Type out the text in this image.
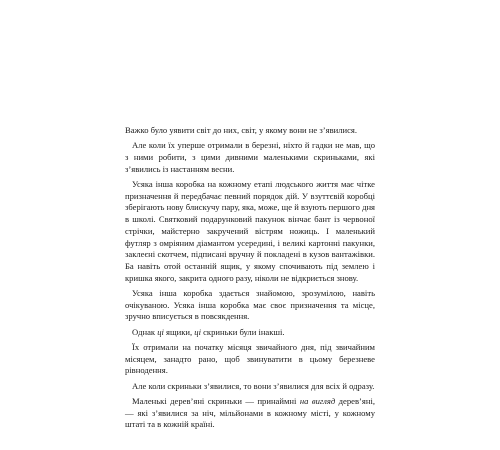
Важко було уявити світ до них, світ, у якому вони не з’явилися.

Але коли їх уперше отримали в березні, ніхто й гадки не мав, що з ними робити, з цими дивними маленькими скриньками, які з’явились із настанням весни.

Усяка інша коробка на кожному етапі людського життя має чітке призначення й передбачає певний порядок дій. У взуттєвій коробці зберігають нову блискучу пару, яка, може, ще й взують першого дня в школі. Святковий подарунковий пакунок вінчає бант із червоної стрічки, майстерно закручений вістрям ножиць. І маленький футляр з омріяним діамантом усередині, і великі картонні пакунки, заклеєні скотчем, підписані вручну й покладені в кузов вантажівки. Ба навіть отой останній ящик, у якому спочивають під землею і кришка якого, закрита одного разу, ніколи не відкриється знову.

Усяка інша коробка здається знайомою, зрозумілою, навіть очікуваною. Усяка інша коробка має своє призначення та місце, зручно вписується в повсякдення.

Однак ці ящики, ці скриньки були інакші.

Їх отримали на початку місяця звичайного дня, під звичайним місяцем, занадто рано, щоб звинуватити в цьому березневе рівнодення.

Але коли скриньки з’явилися, то вони з’явилися для всіх й одразу.

Маленькі дерев’яні скриньки — принаймні на вигляд дерев’яні, — які з’явилися за ніч, мільйонами в кожному місті, у кожному штаті та в кожній країні.
